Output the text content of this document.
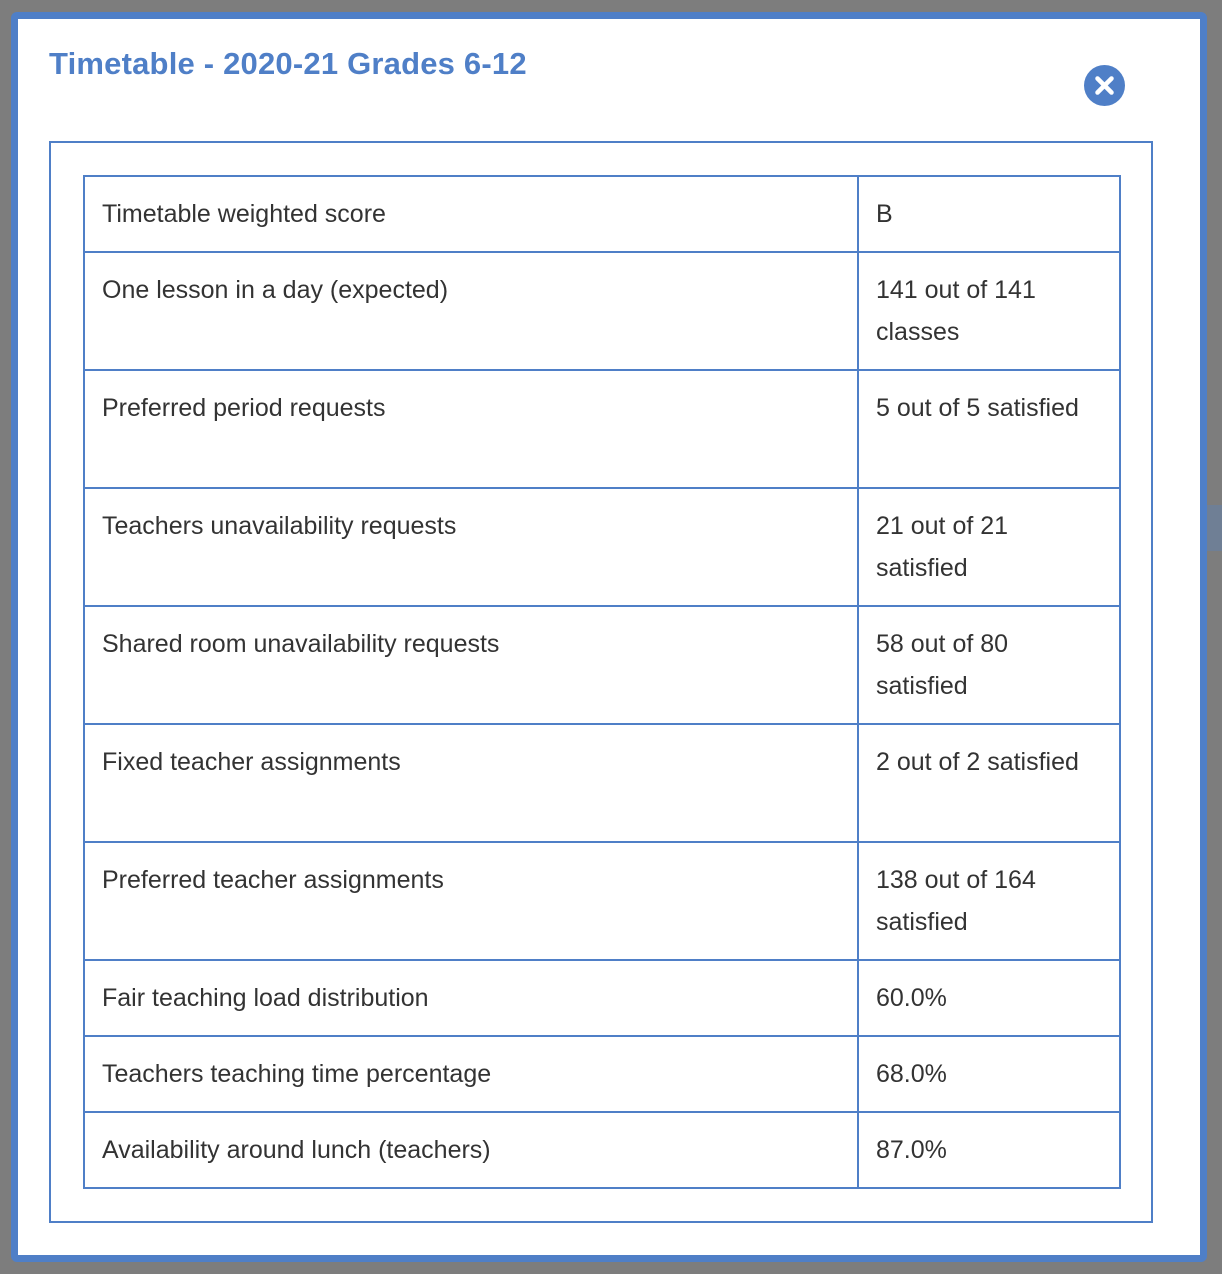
Timetable - 2020-21 Grades 6-12
Timetable weighted score	B
One lesson in a day (expected)	141 out of 141 classes
Preferred period requests	5 out of 5 satisfied
Teachers unavailability requests	21 out of 21 satisfied
Shared room unavailability requests	58 out of 80 satisfied
Fixed teacher assignments	2 out of 2 satisfied
Preferred teacher assignments	138 out of 164 satisfied
Fair teaching load distribution	60.0%
Teachers teaching time percentage	68.0%
Availability around lunch (teachers)	87.0%
